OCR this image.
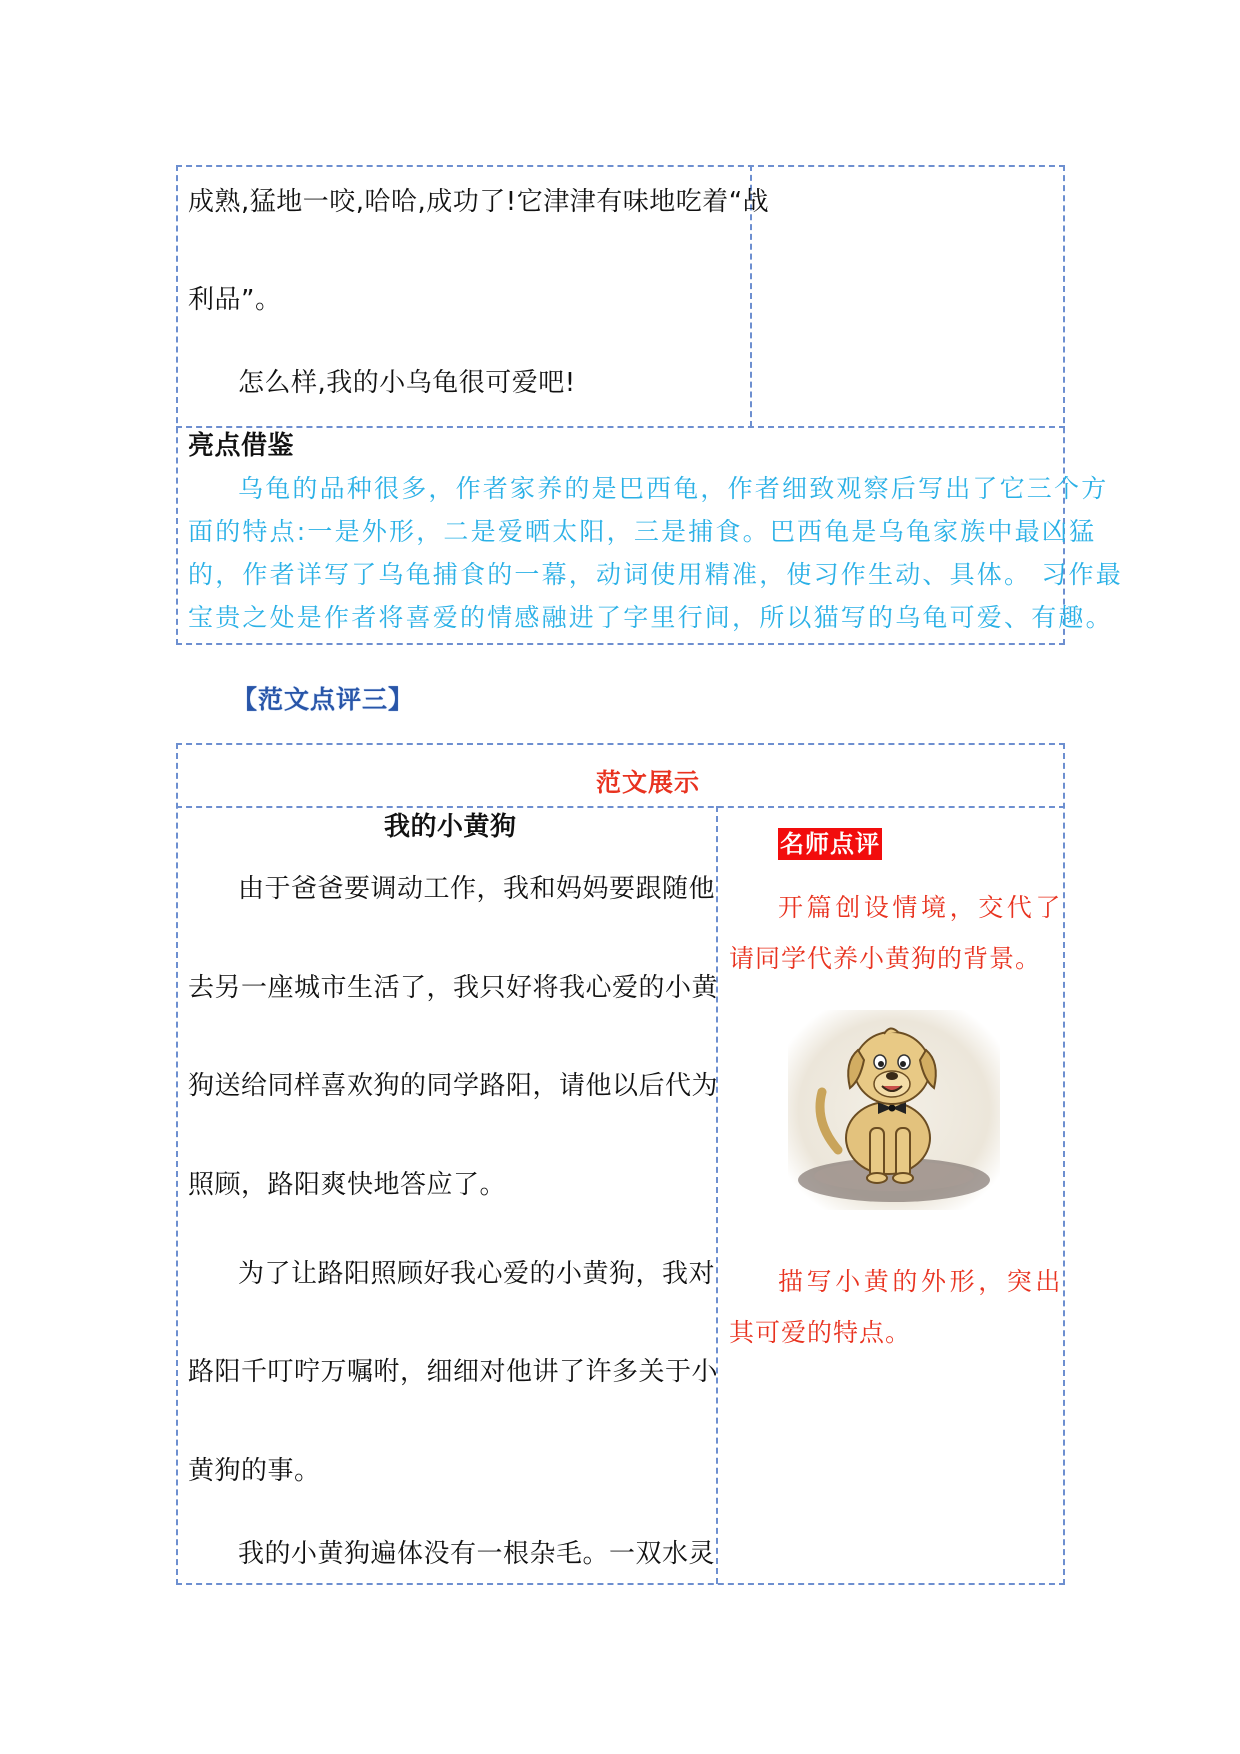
成熟,猛地一咬,哈哈,成功了!它津津有味地吃着“战
利品”。
怎么样,我的小乌龟很可爱吧!
亮点借鉴
乌龟的品种很多，作者家养的是巴西龟，作者细致观察后写出了它三个方
面的特点:一是外形，二是爱晒太阳，三是捕食。巴西龟是乌龟家族中最凶猛
的，作者详写了乌龟捕食的一幕，动词使用精准，使习作生动、具体。 习作最
宝贵之处是作者将喜爱的情感融进了字里行间，所以猫写的乌龟可爱、有趣。
【范文点评三】
范文展示
我的小黄狗
由于爸爸要调动工作，我和妈妈要跟随他
去另一座城市生活了，我只好将我心爱的小黄
狗送给同样喜欢狗的同学路阳，请他以后代为
照顾，路阳爽快地答应了。
为了让路阳照顾好我心爱的小黄狗，我对
路阳千叮咛万嘱咐，细细对他讲了许多关于小
黄狗的事。
我的小黄狗遍体没有一根杂毛。一双水灵
名师点评
开篇创设情境，交代了
请同学代养小黄狗的背景。
描写小黄的外形，突出
其可爱的特点。
